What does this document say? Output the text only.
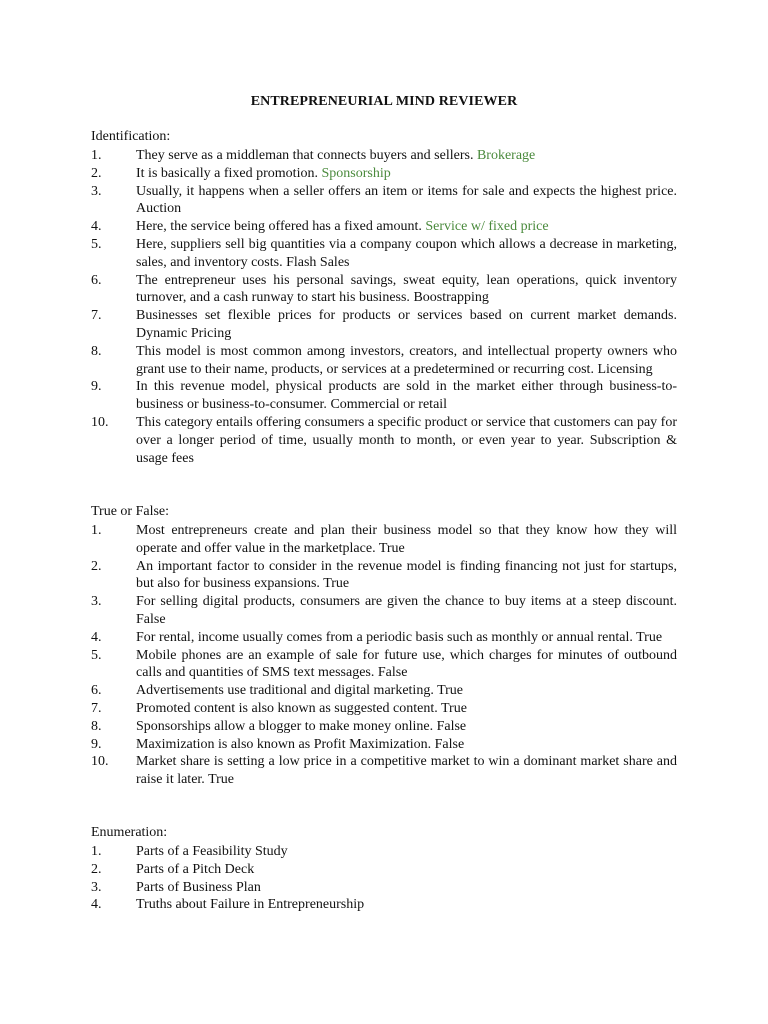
ENTREPRENEURIAL MIND REVIEWER
Identification:
1.	They serve as a middleman that connects buyers and sellers. Brokerage
2.	It is basically a fixed promotion. Sponsorship
3.	Usually, it happens when a seller offers an item or items for sale and expects the highest price. Auction
4.	Here, the service being offered has a fixed amount. Service w/ fixed price
5.	Here, suppliers sell big quantities via a company coupon which allows a decrease in marketing, sales, and inventory costs. Flash Sales
6.	The entrepreneur uses his personal savings, sweat equity, lean operations, quick inventory turnover, and a cash runway to start his business. Boostrapping
7.	Businesses set flexible prices for products or services based on current market demands. Dynamic Pricing
8.	This model is most common among investors, creators, and intellectual property owners who grant use to their name, products, or services at a predetermined or recurring cost. Licensing
9.	In this revenue model, physical products are sold in the market either through business-to-business or business-to-consumer. Commercial or retail
10.	This category entails offering consumers a specific product or service that customers can pay for over a longer period of time, usually month to month, or even year to year. Subscription & usage fees
True or False:
1.	Most entrepreneurs create and plan their business model so that they know how they will operate and offer value in the marketplace. True
2.	An important factor to consider in the revenue model is finding financing not just for startups, but also for business expansions. True
3.	For selling digital products, consumers are given the chance to buy items at a steep discount. False
4.	For rental, income usually comes from a periodic basis such as monthly or annual rental. True
5.	Mobile phones are an example of sale for future use, which charges for minutes of outbound calls and quantities of SMS text messages. False
6.	Advertisements use traditional and digital marketing. True
7.	Promoted content is also known as suggested content. True
8.	Sponsorships allow a blogger to make money online. False
9.	Maximization is also known as Profit Maximization. False
10.	Market share is setting a low price in a competitive market to win a dominant market share and raise it later. True
Enumeration:
1.	Parts of a Feasibility Study
2.	Parts of a Pitch Deck
3.	Parts of Business Plan
4.	Truths about Failure in Entrepreneurship
